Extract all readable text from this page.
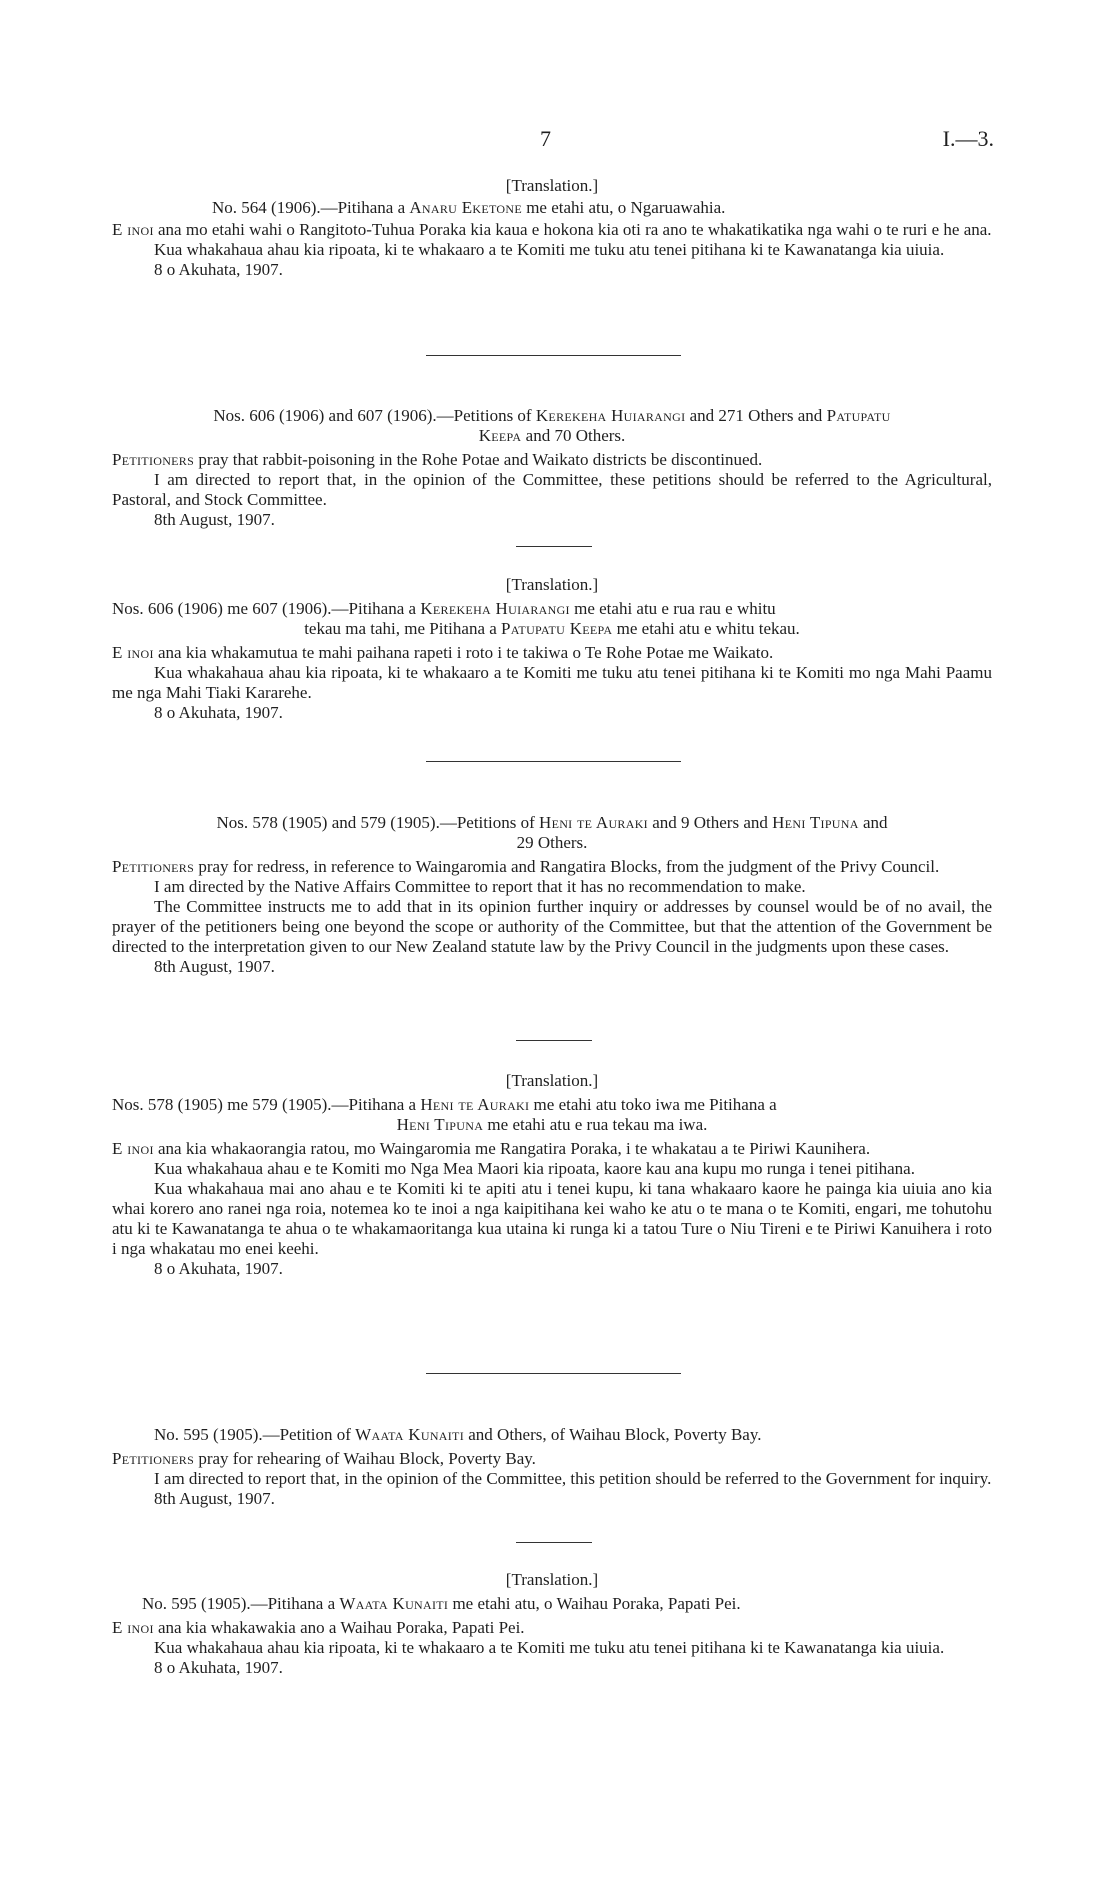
7	I.—3.

[Translation.]

No. 564 (1906).—Pitihana a Anaru Eketone me etahi atu, o Ngaruawahia.

E inoi ana mo etahi wahi o Rangitoto-Tuhua Poraka kia kaua e hokona kia oti ra ano te whakatikatika nga wahi o te ruri e he ana.

Kua whakahaua ahau kia ripoata, ki te whakaaro a te Komiti me tuku atu tenei pitihana ki te Kawanatanga kia uiuia.

8 o Akuhata, 1907.

Nos. 606 (1906) and 607 (1906).—Petitions of Kerekeha Huiarangi and 271 Others and Patupatu
Keepa and 70 Others.

Petitioners pray that rabbit-poisoning in the Rohe Potae and Waikato districts be discontinued.

I am directed to report that, in the opinion of the Committee, these petitions should be referred to the Agricultural, Pastoral, and Stock Committee.

8th August, 1907.

[Translation.]

Nos. 606 (1906) me 607 (1906).—Pitihana a Kerekeha Huiarangi me etahi atu e rua rau e whitu

tekau ma tahi, me Pitihana a Patupatu Keepa me etahi atu e whitu tekau.

E inoi ana kia whakamutua te mahi paihana rapeti i roto i te takiwa o Te Rohe Potae me Waikato.

Kua whakahaua ahau kia ripoata, ki te whakaaro a te Komiti me tuku atu tenei pitihana ki te Komiti mo nga Mahi Paamu me nga Mahi Tiaki Kararehe.

8 o Akuhata, 1907.

Nos. 578 (1905) and 579 (1905).—Petitions of Heni te Auraki and 9 Others and Heni Tipuna and
29 Others.

Petitioners pray for redress, in reference to Waingaromia and Rangatira Blocks, from the judgment of the Privy Council.

I am directed by the Native Affairs Committee to report that it has no recommendation to make.

The Committee instructs me to add that in its opinion further inquiry or addresses by counsel would be of no avail, the prayer of the petitioners being one beyond the scope or authority of the Committee, but that the attention of the Government be directed to the interpretation given to our New Zealand statute law by the Privy Council in the judgments upon these cases.

8th August, 1907.

[Translation.]

Nos. 578 (1905) me 579 (1905).—Pitihana a Heni te Auraki me etahi atu toko iwa me Pitihana a

Heni Tipuna me etahi atu e rua tekau ma iwa.

E inoi ana kia whakaorangia ratou, mo Waingaromia me Rangatira Poraka, i te whakatau a te Piriwi Kaunihera.

Kua whakahaua ahau e te Komiti mo Nga Mea Maori kia ripoata, kaore kau ana kupu mo runga i tenei pitihana.

Kua whakahaua mai ano ahau e te Komiti ki te apiti atu i tenei kupu, ki tana whakaaro kaore he painga kia uiuia ano kia whai korero ano ranei nga roia, notemea ko te inoi a nga kaipitihana kei waho ke atu o te mana o te Komiti, engari, me tohutohu atu ki te Kawanatanga te ahua o te whakamaoritanga kua utaina ki runga ki a tatou Ture o Niu Tireni e te Piriwi Kanuihera i roto i nga whakatau mo enei keehi.

8 o Akuhata, 1907.

No. 595 (1905).—Petition of Waata Kunaiti and Others, of Waihau Block, Poverty Bay.

Petitioners pray for rehearing of Waihau Block, Poverty Bay.

I am directed to report that, in the opinion of the Committee, this petition should be referred to the Government for inquiry.

8th August, 1907.

[Translation.]

No. 595 (1905).—Pitihana a Waata Kunaiti me etahi atu, o Waihau Poraka, Papati Pei.

E inoi ana kia whakawakia ano a Waihau Poraka, Papati Pei.

Kua whakahaua ahau kia ripoata, ki te whakaaro a te Komiti me tuku atu tenei pitihana ki te Kawanatanga kia uiuia.

8 o Akuhata, 1907.
